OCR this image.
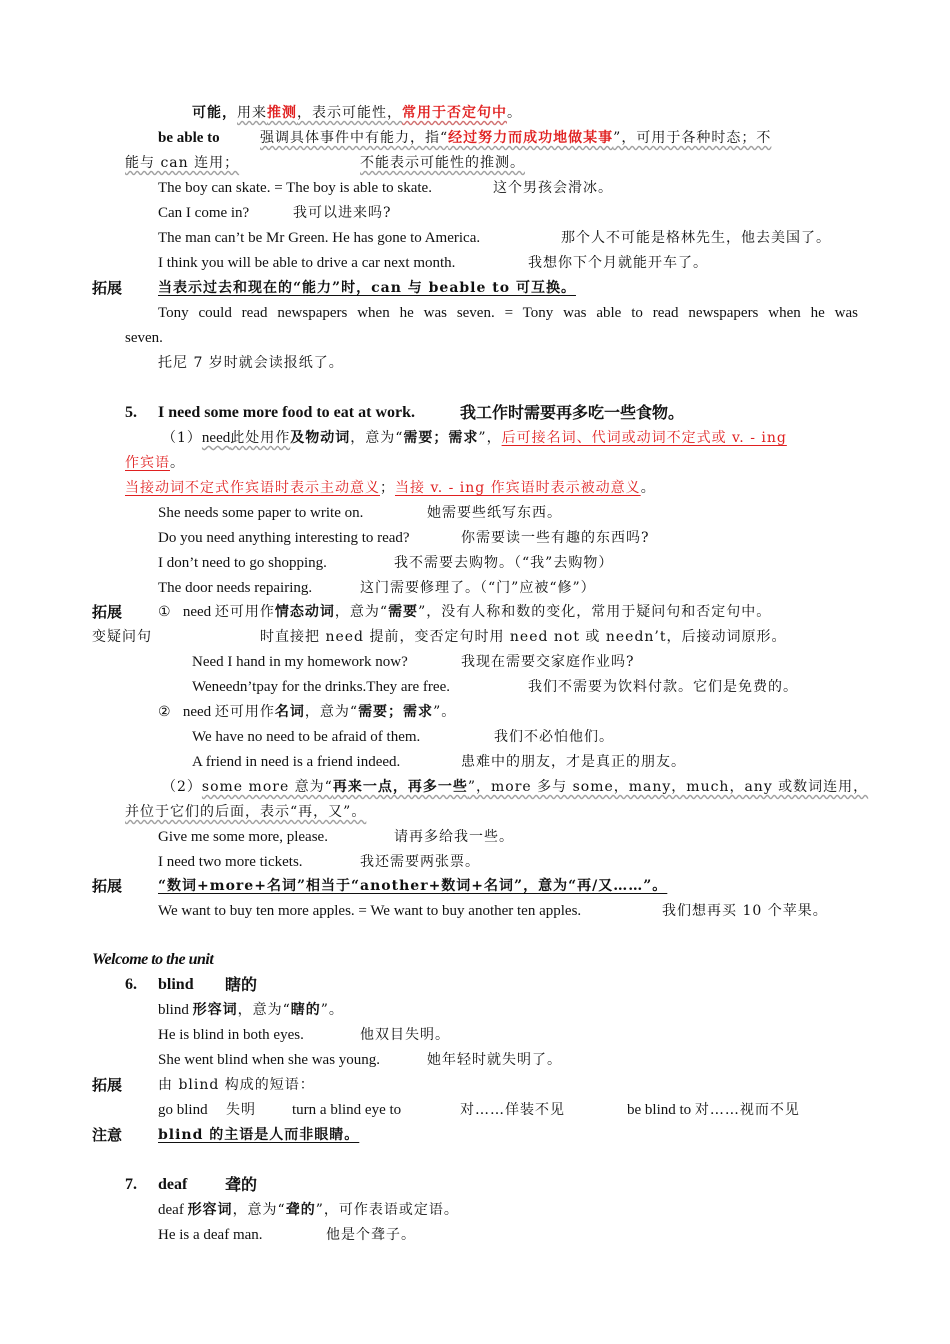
可能，用来推测，表示可能性，常用于否定句中。
be able to	强调具体事件中有能力，指“经过努力而成功地做某事”，可用于各种时态；不
能与 can 连用；	不能表示可能性的推测。
The boy can skate. = The boy is able to skate.	这个男孩会滑冰。
Can I come in?	我可以进来吗?
The man can’t be Mr Green. He has gone to America.	那个人不可能是格林先生，他去美国了。
I think you will be able to drive a car next month.	我想你下个月就能开车了。
拓展	当表示过去和现在的“能力”时，can 与 beable to 可互换。
Tony could read newspapers when he was seven. = Tony was able to read newspapers when he was
seven.
托尼 7 岁时就会读报纸了。
5. I need some more food to eat at work.	我工作时需要再多吃一些食物。
（1）need此处用作及物动词，意为“需要；需求”，后可接名词、代词或动词不定式或 v. - ing
作宾语。
当接动词不定式作宾语时表示主动意义；当接 v. - ing 作宾语时表示被动意义。
She needs some paper to write on.	她需要些纸写东西。
Do you need anything interesting to read?	你需要读一些有趣的东西吗?
I don’t need to go shopping.	我不需要去购物。（“我”去购物）
The door needs repairing.	这门需要修理了。（“门”应被“修”）
拓展	① need 还可用作情态动词，意为“需要”，没有人称和数的变化，常用于疑问句和否定句中。
变疑问句	时直接把 need 提前，变否定句时用 need not 或 needn’t，后接动词原形。
Need I hand in my homework now?	我现在需要交家庭作业吗?
Weneedn’tpay for the drinks.They are free.	我们不需要为饮料付款。它们是免费的。
② need 还可用作名词，意为“需要；需求”。
We have no need to be afraid of them.	我们不必怕他们。
A friend in need is a friend indeed.	患难中的朋友，才是真正的朋友。
（2）some more 意为“再来一点，再多一些”，more 多与 some，many，much，any 或数词连用，
并位于它们的后面，表示“再，又”。
Give me some more, please.	请再多给我一些。
I need two more tickets.	我还需要两张票。
拓展	“数词+more+名词”相当于“another+数词+名词”，意为“再/又……”。
We want to buy ten more apples. = We want to buy another ten apples.	我们想再买 10 个苹果。
Welcome to the unit
6. blind 瞎的
blind 形容词，意为“瞎的”。
He is blind in both eyes.	他双目失明。
She went blind when she was young.	她年轻时就失明了。
拓展	由 blind 构成的短语：
go blind 失明 turn a blind eye to	对……佯装不见	be blind to 对……视而不见
注意	blind 的主语是人而非眼睛。
7. deaf 聋的
deaf 形容词，意为“聋的”，可作表语或定语。
He is a deaf man.	他是个聋子。
